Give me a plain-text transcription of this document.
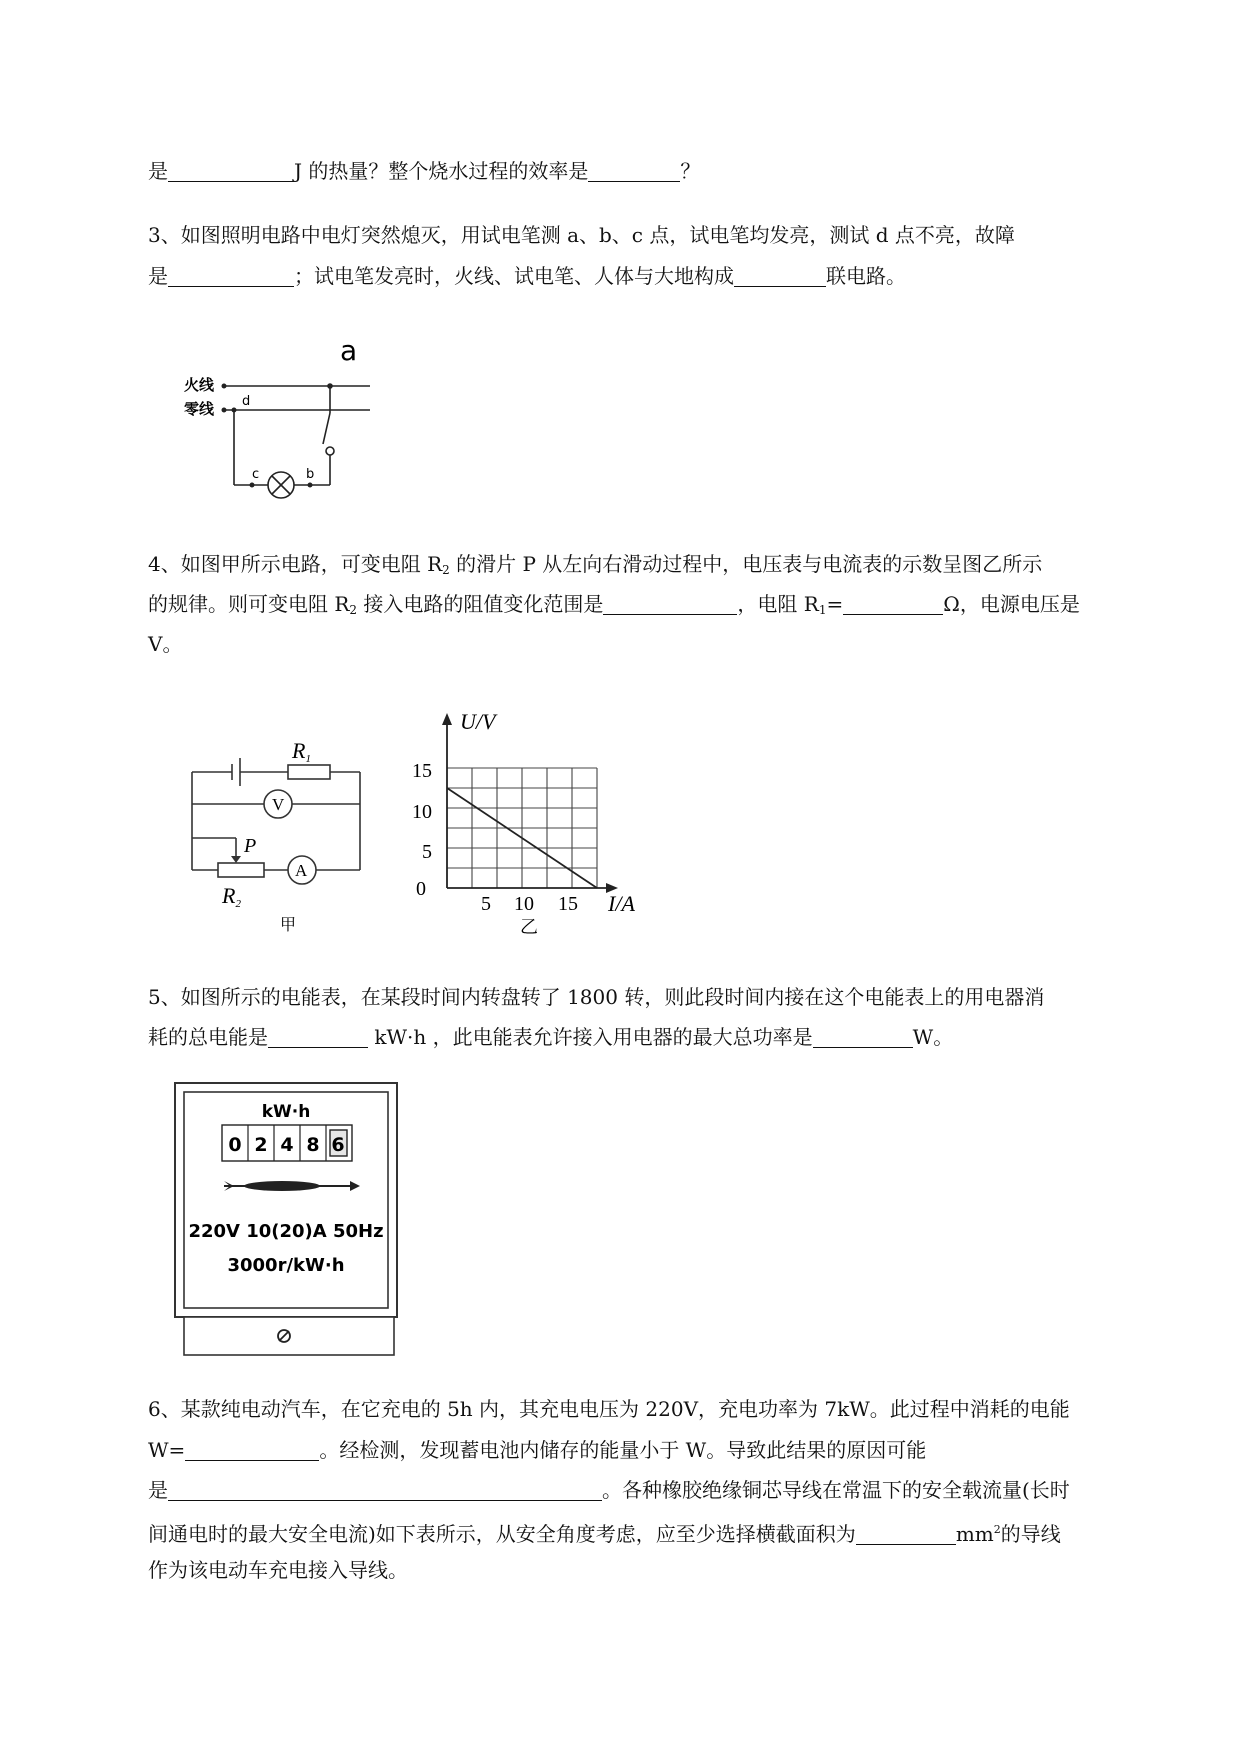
是	J 的热量？整个烧水过程的效率是	？
3、如图照明电路中电灯突然熄灭，用试电笔测 a、b、c 点，试电笔均发亮，测试 d 点不亮，故障
是	；试电笔发亮时，火线、试电笔、人体与大地构成	联电路。
火线
零线
a
d
c	b
4、如图甲所示电路，可变电阻 $R_2$ 的滑片 P 从左向右滑动过程中，电压表与电流表的示数呈图乙所示
的规律。则可变电阻 $R_2$ 接入电路的阻值变化范围是	，电阻 $R_1=$	Ω，电源电压是
V。
R1
V
A
P
R2
甲
U/V
I/A
0
5
10
15
5 10 15
乙
5、如图所示的电能表，在某段时间内转盘转了 1800 转，则此段时间内接在这个电能表上的用电器消
耗的总电能是	kW·h ，此电能表允许接入用电器的最大总功率是	W。
kW·h
0 2 4 8 6
220V 10(20)A 50Hz
3000r/kW·h
6、某款纯电动汽车，在它充电的 5h 内，其充电电压为 220V，充电功率为 7kW。此过程中消耗的电能
W=	。经检测，发现蓄电池内储存的能量小于 W。导致此结果的原因可能
是	。各种橡胶绝缘铜芯导线在常温下的安全载流量(长时
间通电时的最大安全电流)如下表所示，从安全角度考虑，应至少选择横截面积为	$mm^2$的导线
作为该电动车充电接入导线。
